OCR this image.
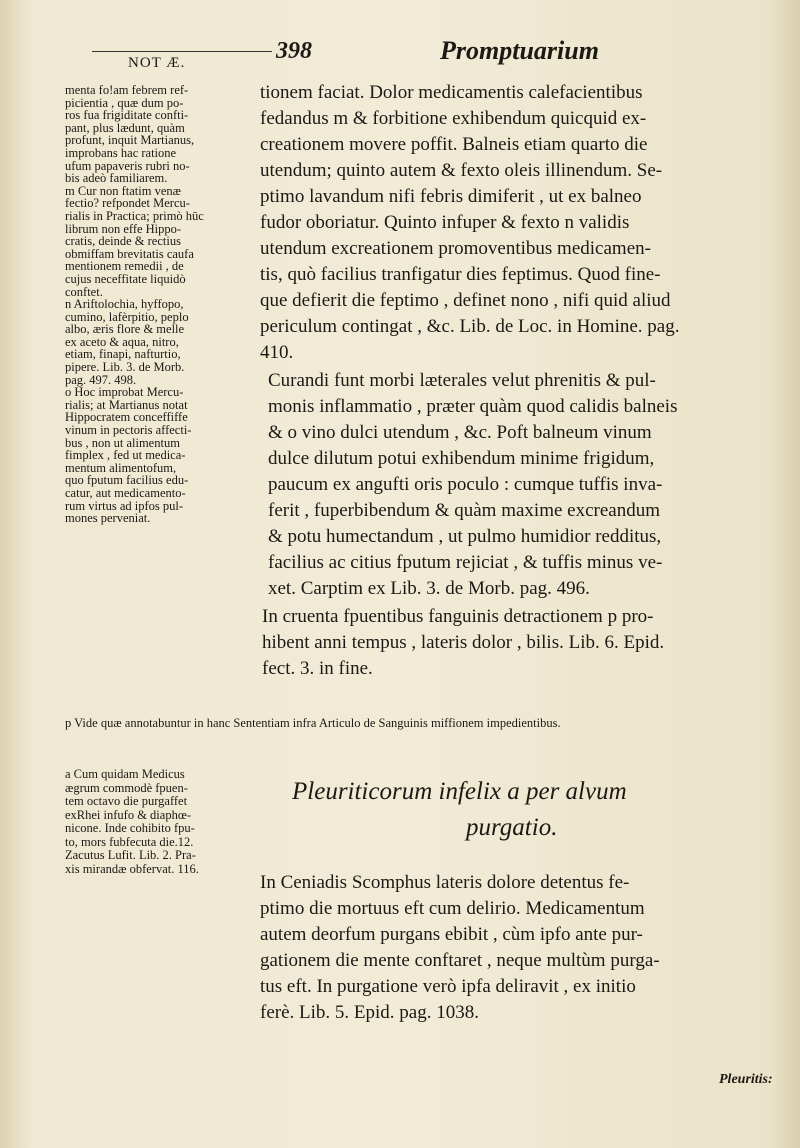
NOT Æ.	398	Promptuarium
menta fo!am febrem ref-
picientia , quæ dum po-
ros fua frigiditate confti-
pant, plus lædunt, quàm
profunt, inquit Martianus,
improbans hac ratione
ufum papaveris rubri no-
bis adeò familiarem.
m Cur non ftatim venæ
fectio? refpondet Mercu-
rialis in Practica; primò hūc
librum non effe Hippo-
cratis, deinde & rectius
obmiffam brevitatis caufa
mentionem remedii , de
cujus neceffitate liquidò
conftet.
n Ariftolochia, hyffopo,
cumino, lafèrpitio, peplo
albo, æris flore & melle
ex aceto & aqua, nitro,
etiam, finapi, nafturtio,
pipere. Lib. 3. de Morb.
pag. 497. 498.
o Hoc improbat Mercu-
rialis; at Martianus notat
Hippocratem conceffiffe
vinum in pectoris affecti-
bus , non ut alimentum
fimplex , fed ut medica-
mentum alimentofum,
quo fputum facilius edu-
catur, aut medicamento-
rum virtus ad ipfos pul-
mones perveniat.
tionem faciat. Dolor medicamentis calefacientibus
fedandus m & forbitione exhibendum quicquid ex-
creationem movere poffit. Balneis etiam quarto die
utendum; quinto autem & fexto oleis illinendum. Se-
ptimo lavandum nifi febris dimiferit , ut ex balneo
fudor oboriatur. Quinto infuper & fexto n validis
utendum excreationem promoventibus medicamen-
tis, quò facilius tranfigatur dies feptimus. Quod fine-
que defierit die feptimo , definet nono , nifi quid aliud
periculum contingat , &c. Lib. de Loc. in Homine. pag.
410.
Curandi funt morbi læterales velut phrenitis & pul-
monis inflammatio , præter quàm quod calidis balneis
& o vino dulci utendum , &c. Poft balneum vinum
dulce dilutum potui exhibendum minime frigidum,
paucum ex angufti oris poculo : cumque tuffis inva-
ferit , fuperbibendum & quàm maxime excreandum
& potu humectandum , ut pulmo humidior redditus,
facilius ac citius fputum rejiciat , & tuffis minus ve-
xet. Carptim ex Lib. 3. de Morb. pag. 496.
In cruenta fpuentibus fanguinis detractionem p pro-
hibent anni tempus , lateris dolor , bilis. Lib. 6. Epid.
fect. 3. in fine.
p Vide quæ annotabuntur in hanc Sententiam infra Articulo de Sanguinis miffionem impedientibus.
Pleuriticorum infelix a per alvum
purgatio.
a Cum quidam Medicus
ægrum commodè fpuen-
tem octavo die purgaffet
exRhei infufo & diaphœ-
nicone. Inde cohibito fpu-
to, mors fubfecuta die.12.
Zacutus Lufit. Lib. 2. Pra-
xis mirandæ obfervat. 116.
In Ceniadis Scomphus lateris dolore detentus fe-
ptimo die mortuus eft cum delirio. Medicamentum
autem deorfum purgans ebibit , cùm ipfo ante pur-
gationem die mente conftaret , neque multùm purga-
tus eft. In purgatione verò ipfa deliravit , ex initio
ferè. Lib. 5. Epid. pag. 1038.
Pleuritis:
